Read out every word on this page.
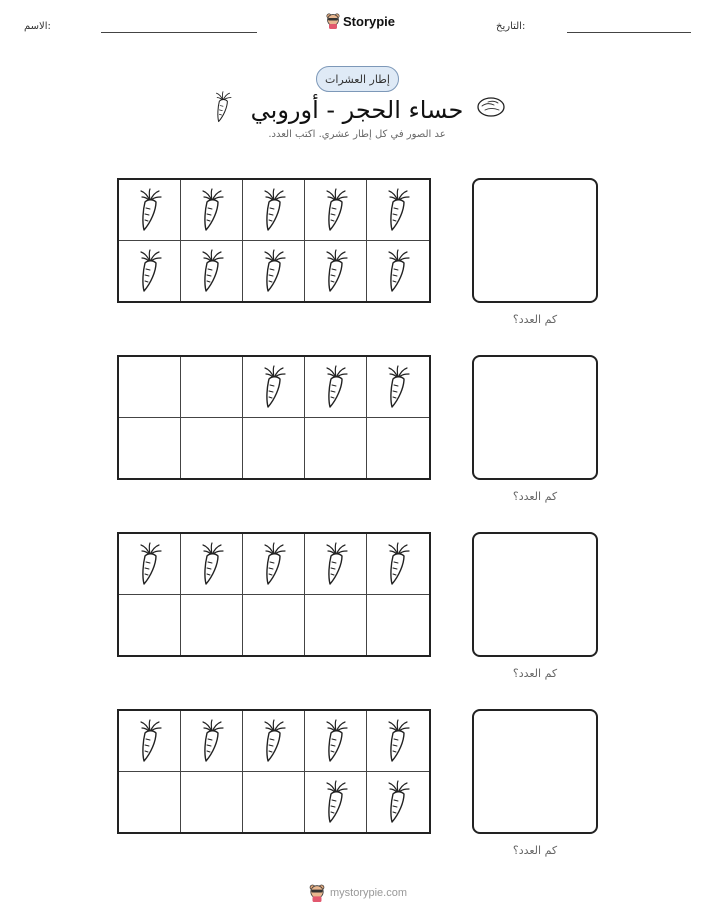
التاريخ:
الاسم:	Storypie
إطار العشرات
حساء الحجر - أوروبي
عد الصور في كل إطار عشري. اكتب العدد.
كم العدد؟
كم العدد؟
كم العدد؟
كم العدد؟
mystorypie.com
